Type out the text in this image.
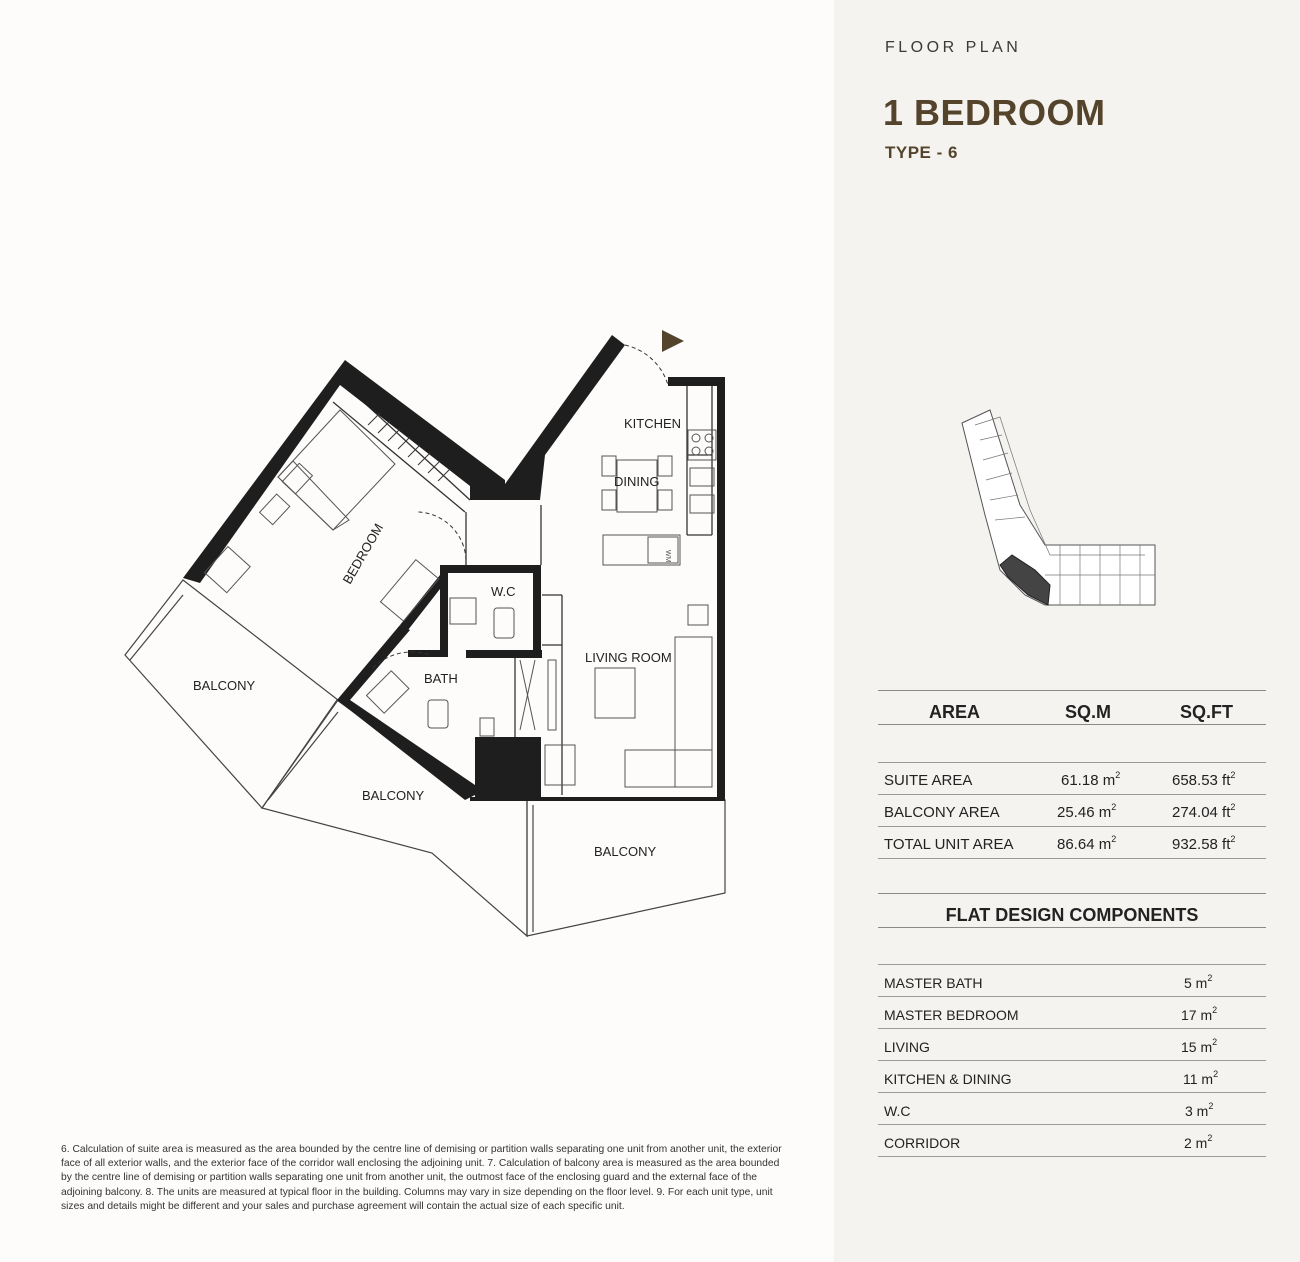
FLOOR PLAN
1 BEDROOM
TYPE - 6
KITCHEN
DINING
W.C
BEDROOM
LIVING ROOM
BATH
BALCONY
BALCONY
BALCONY
WM
AREA	SQ.M	SQ.FT
SUITE AREA	61.18 $m^2$	658.53 $ft^2$
BALCONY AREA	25.46 $m^2$	274.04 $ft^2$
TOTAL UNIT AREA	86.64 $m^2$	932.58 $ft^2$
FLAT DESIGN COMPONENTS
MASTER BATH	5 $m^2$
MASTER BEDROOM	17 $m^2$
LIVING	15 $m^2$
KITCHEN & DINING	11 $m^2$
W.C	3 $m^2$
CORRIDOR	2 $m^2$
6. Calculation of suite area is measured as the area bounded by the centre line of demising or partition walls separating one unit from another unit, the exterior face of all exterior walls, and the exterior face of the corridor wall enclosing the adjoining unit. 7. Calculation of balcony area is measured as the area bounded by the centre line of demising or partition walls separating one unit from another unit, the outmost face of the enclosing guard and the external face of the adjoining balcony. 8. The units are measured at typical floor in the building. Columns may vary in size depending on the floor level. 9. For each unit type, unit sizes and details might be different and your sales and purchase agreement will contain the actual size of each specific unit.
